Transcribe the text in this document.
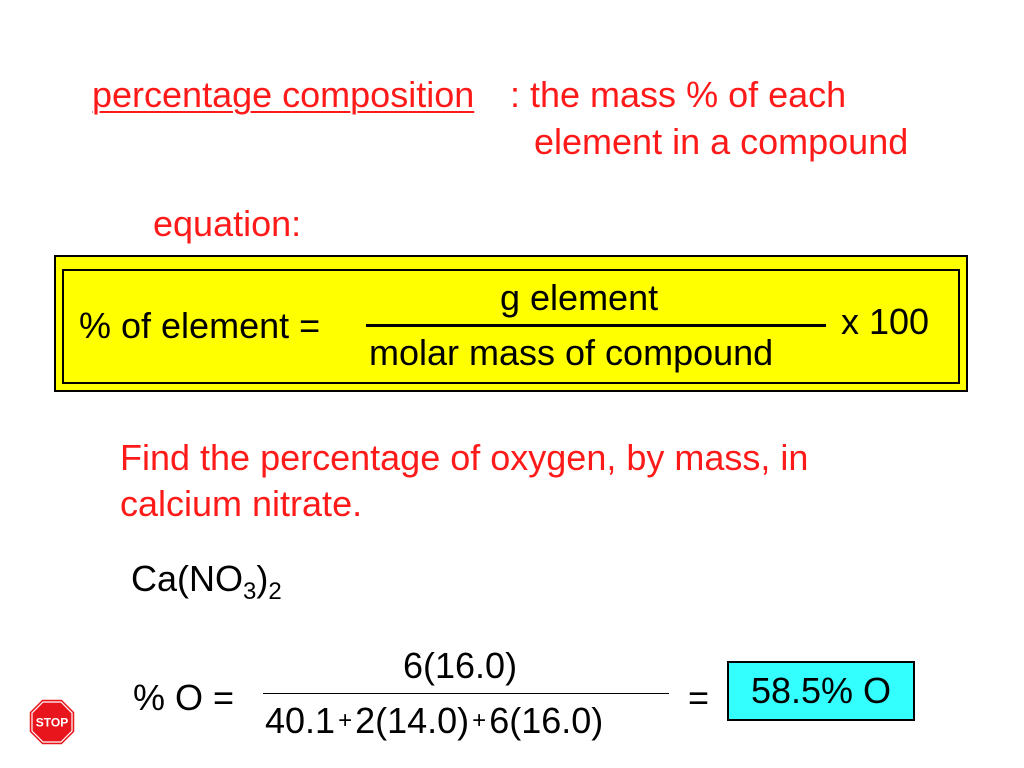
percentage composition : the mass % of each
element in a compound
equation:
% of element =
g element
molar mass of compound
x 100
Find the percentage of oxygen, by mass, in
calcium nitrate.
$Ca(NO_3)_2$
% O =
6(16.0)
40.1 +2(14.0) +6(16.0)
=	58.5% O
STOP
